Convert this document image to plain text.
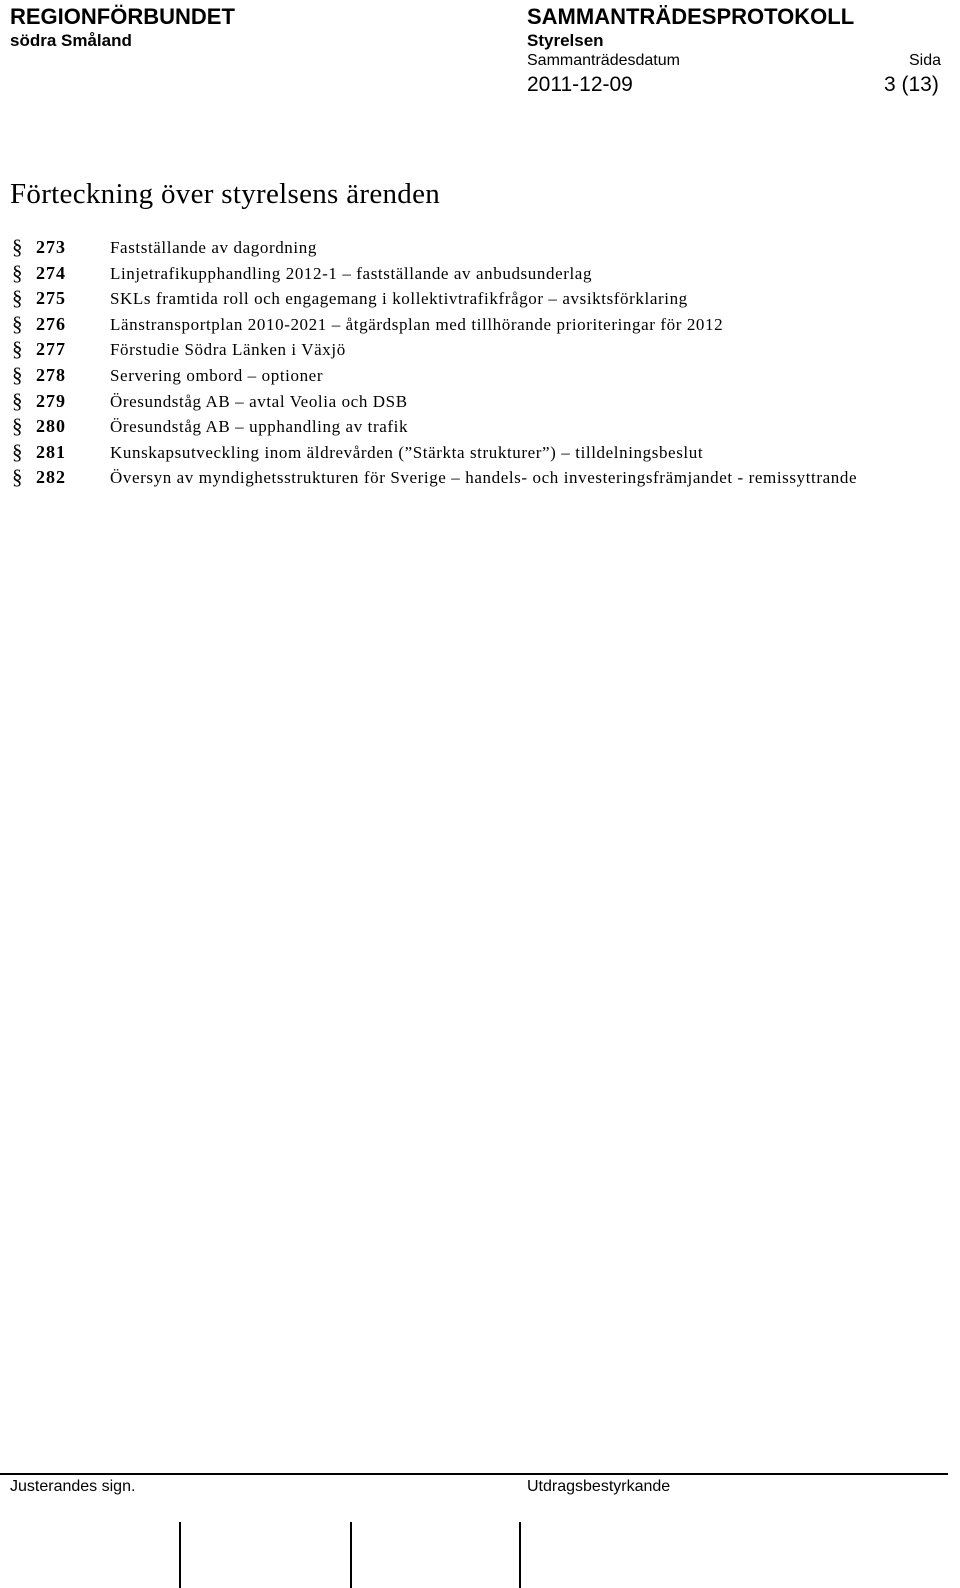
REGIONFÖRBUNDET
södra Småland
SAMMANTRÄDESPROTOKOLL
Styrelsen
Sammanträdesdatum	Sida
2011-12-09	3 (13)
Förteckning över styrelsens ärenden
§ 273	Fastställande av dagordning
§ 274	Linjetrafikupphandling 2012-1 – fastställande av anbudsunderlag
§ 275	SKLs framtida roll och engagemang i kollektivtrafikfrågor – avsiktsförklaring
§ 276	Länstransportplan 2010-2021 – åtgärdsplan med tillhörande prioriteringar för 2012
§ 277	Förstudie Södra Länken i Växjö
§ 278	Servering ombord – optioner
§ 279	Öresundståg AB – avtal Veolia och DSB
§ 280	Öresundståg AB – upphandling av trafik
§ 281	Kunskapsutveckling inom äldrevården (”Stärkta strukturer”) – tilldelningsbeslut
§ 282	Översyn av myndighetsstrukturen för Sverige – handels- och investeringsfrämjandet - remissyttrande
Justerandes sign.	Utdragsbestyrkande
